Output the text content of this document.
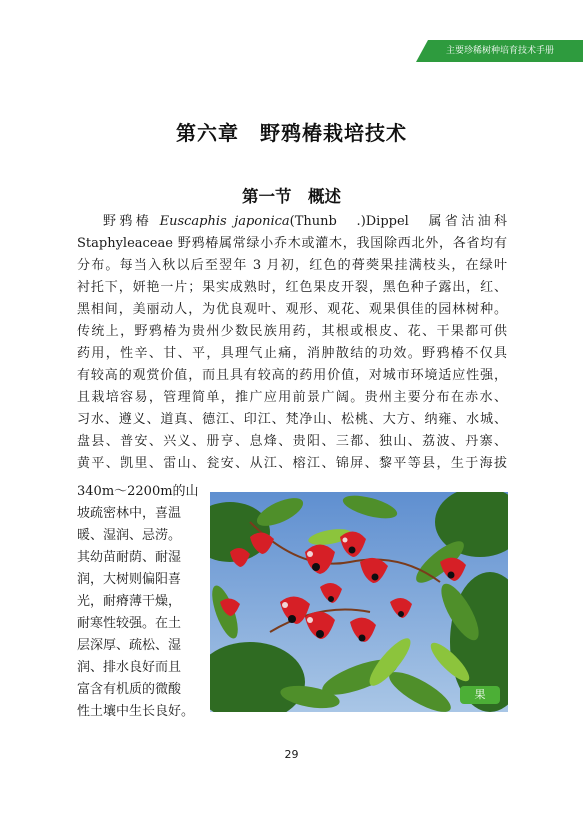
主要珍稀树种培育技术手册
第六章　野鸦椿栽培技术
第一节　概述
野鸦椿 Euscaphis japonica(Thunb　.)Dippel　属省沽油科
Staphyleaceae 野鸦椿属常绿小乔木或灌木，我国除西北外，各省均有
分布。每当入秋以后至翌年 3 月初，红色的蓇葖果挂满枝头，在绿叶
衬托下，妍艳一片；果实成熟时，红色果皮开裂，黑色种子露出，红、
黑相间，美丽动人，为优良观叶、观形、观花、观果俱佳的园林树种。
传统上，野鸦椿为贵州少数民族用药，其根或根皮、花、干果都可供
药用，性辛、甘、平，具理气止痛，消肿散结的功效。野鸦椿不仅具
有较高的观赏价值，而且具有较高的药用价值，对城市环境适应性强，
且栽培容易，管理简单，推广应用前景广阔。贵州主要分布在赤水、
习水、遵义、道真、德江、印江、梵净山、松桃、大方、纳雍、水城、
盘县、普安、兴义、册亨、息烽、贵阳、三都、独山、荔波、丹寨、
黄平、凯里、雷山、瓮安、从江、榕江、锦屏、黎平等县，生于海拔
340m～2200m的山
坡疏密林中，喜温
暖、湿润、忌涝。
其幼苗耐荫、耐湿
润，大树则偏阳喜
光，耐瘠薄干燥，
耐寒性较强。在土
层深厚、疏松、湿
润、排水良好而且
富含有机质的微酸
性土壤中生长良好。
果
29
